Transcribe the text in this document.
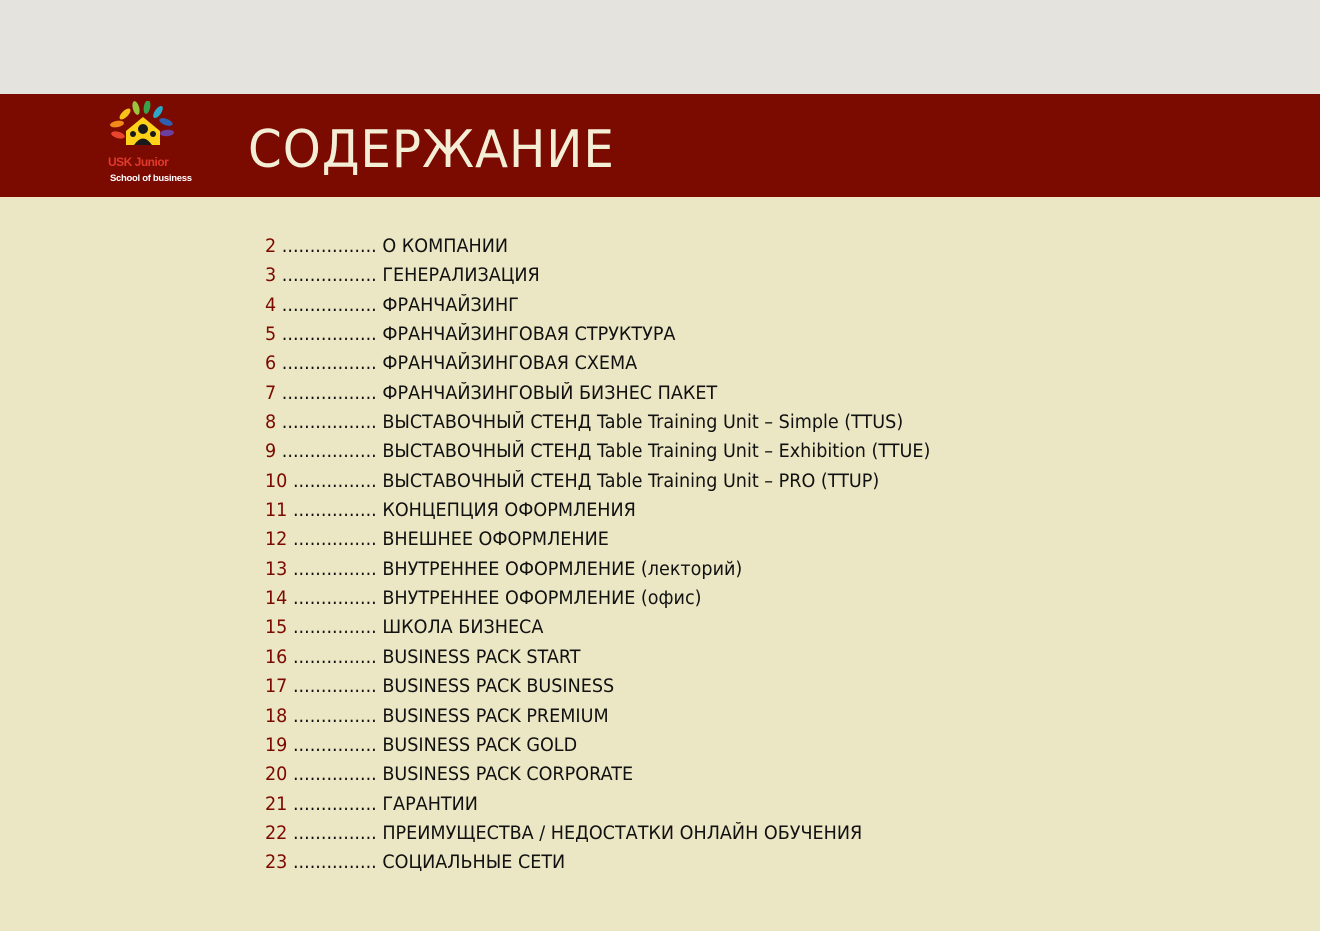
USK Junior
School of business СОДЕРЖАНИЕ
2 ................. О КОМПАНИИ
3 ................. ГЕНЕРАЛИЗАЦИЯ
4 ................. ФРАНЧАЙЗИНГ
5 ................. ФРАНЧАЙЗИНГОВАЯ СТРУКТУРА
6 ................. ФРАНЧАЙЗИНГОВАЯ СХЕМА
7 ................. ФРАНЧАЙЗИНГОВЫЙ БИЗНЕС ПАКЕТ
8 ................. ВЫСТАВОЧНЫЙ СТЕНД Table Training Unit – Simple (TTUS)
9 ................. ВЫСТАВОЧНЫЙ СТЕНД Table Training Unit – Exhibition (TTUE)
10 ............... ВЫСТАВОЧНЫЙ СТЕНД Table Training Unit – PRO (TTUP)
11 ............... КОНЦЕПЦИЯ ОФОРМЛЕНИЯ
12 ............... ВНЕШНЕЕ ОФОРМЛЕНИЕ
13 ............... ВНУТРЕННЕЕ ОФОРМЛЕНИЕ (лекторий)
14 ............... ВНУТРЕННЕЕ ОФОРМЛЕНИЕ (офис)
15 ............... ШКОЛА БИЗНЕСА
16 ............... BUSINESS PACK START
17 ............... BUSINESS PACK BUSINESS
18 ............... BUSINESS PACK PREMIUM
19 ............... BUSINESS PACK GOLD
20 ............... BUSINESS PACK CORPORATE
21 ............... ГАРАНТИИ
22 ............... ПРЕИМУЩЕСТВА / НЕДОСТАТКИ ОНЛАЙН ОБУЧЕНИЯ
23 ............... СОЦИАЛЬНЫЕ СЕТИ
